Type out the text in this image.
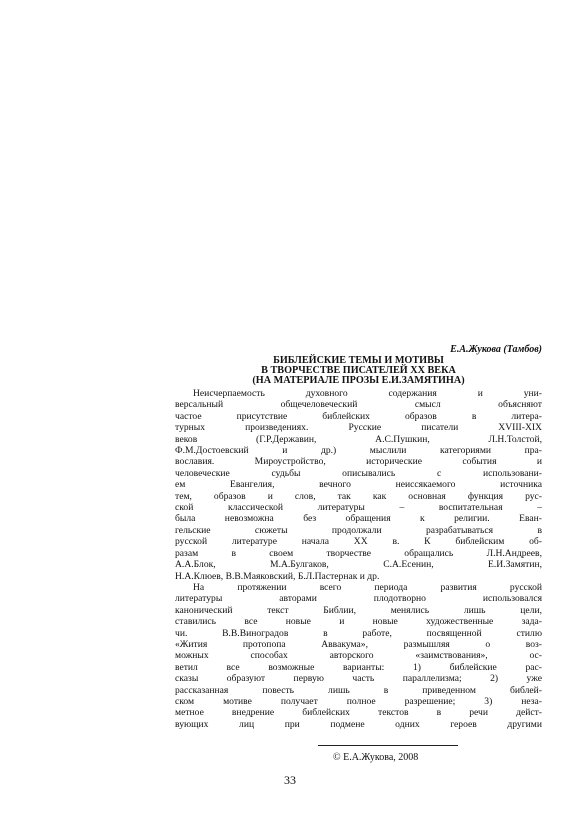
Е.А.Жукова (Тамбов)
БИБЛЕЙСКИЕ ТЕМЫ И МОТИВЫ
В ТВОРЧЕСТВЕ ПИСАТЕЛЕЙ XX ВЕКА
(НА МАТЕРИАЛЕ ПРОЗЫ Е.И.ЗАМЯТИНА)

Неисчерпаемость духовного содержания и уни-
версальный общечеловеческий смысл объясняют
частое присутствие библейских образов в литера-
турных произведениях. Русские писатели XVIII-XIX
веков (Г.Р.Державин, А.С.Пушкин, Л.Н.Толстой,
Ф.М.Достоевский и др.) мыслили категориями пра-
вославия. Мироустройство, исторические события и
человеческие судьбы описывались с использовани-
ем Евангелия, вечного неиссякаемого источника
тем, образов и слов, так как основная функция рус-
ской классической литературы – воспитательная –
была невозможна без обращения к религии. Еван-
гельские сюжеты продолжали разрабатываться в
русской литературе начала XX в. К библейским об-
разам в своем творчестве обращались Л.Н.Андреев,
А.А.Блок, М.А.Булгаков, С.А.Есенин, Е.И.Замятин,
Н.А.Клюев, В.В.Маяковский, Б.Л.Пастернак и др.

На протяжении всего периода развития русской
литературы авторами плодотворно использовался
канонический текст Библии, менялись лишь цели,
ставились все новые и новые художественные зада-
чи. В.В.Виноградов в работе, посвященной стилю
«Жития протопопа Аввакума», размышляя о воз-
можных способах авторского «заимствования», ос-
ветил все возможные варианты: 1) библейские рас-
сказы образуют первую часть параллелизма; 2) уже
рассказанная повесть лишь в приведенном библей-
ском мотиве получает полное разрешение; 3) неза-
метное внедрение библейских текстов в речи дейст-
вующих лиц при подмене одних героев другими

© Е.А.Жукова, 2008
33
